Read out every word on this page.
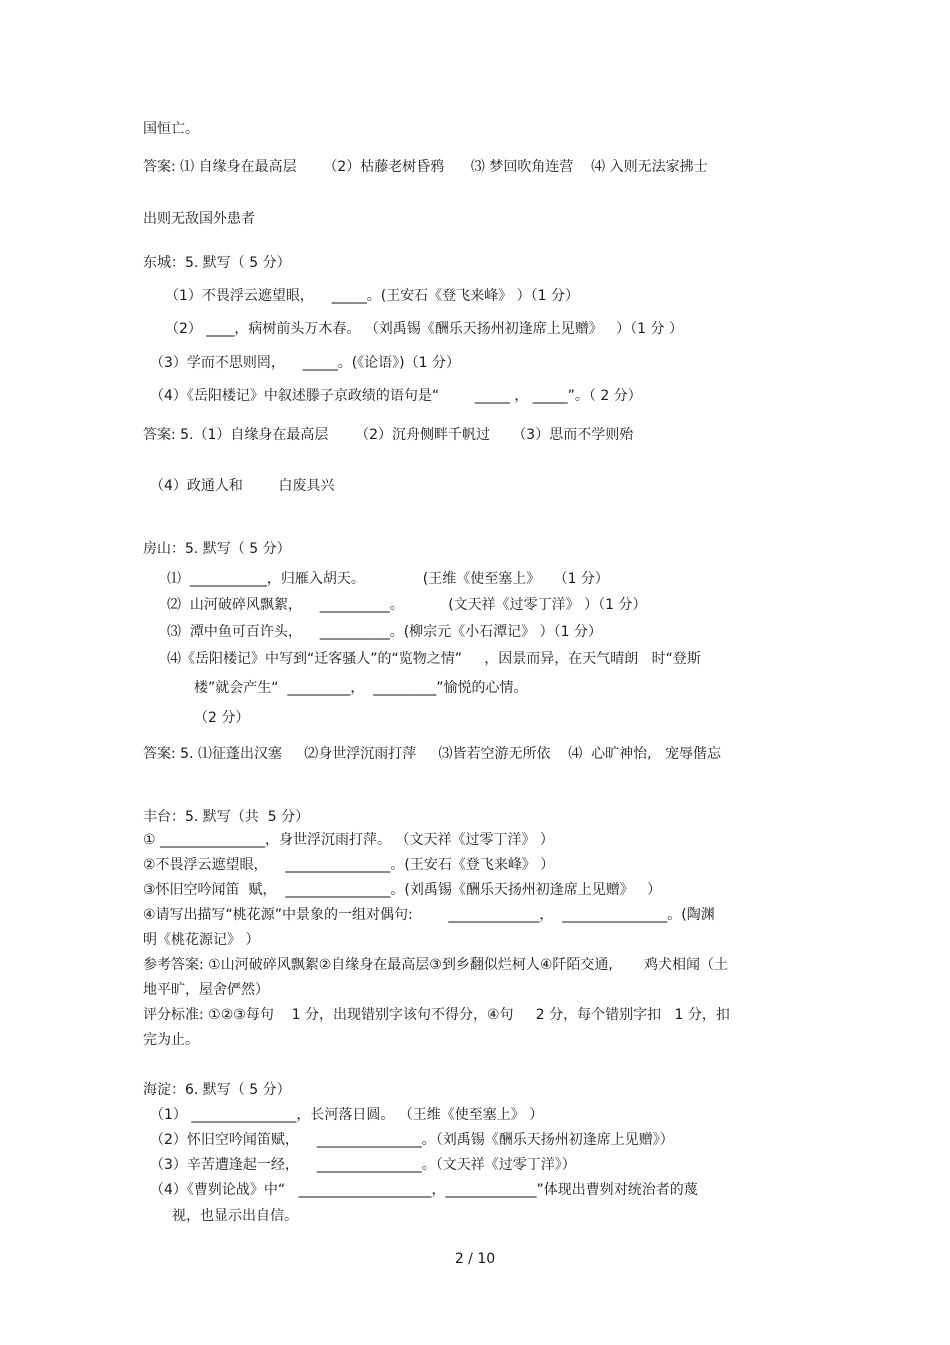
国恒亡。
答案: ⑴ 自缘身在最高层      （2）枯藤老树昏鸦      ⑶ 梦回吹角连营    ⑷ 入则无法家拂士
出则无敌国外患者
东城：5. 默写（ 5 分）
（1）不畏浮云遮望眼，    _____。(王安石《登飞来峰》 ）（1 分）
（2） ____，病树前头万木春。 （刘禹锡《酬乐天扬州初逢席上见赠》   ）（1 分 ）
（3）学而不思则罔，    _____。(《论语》)（1 分）
（4）《岳阳楼记》中叙述滕子京政绩的语句是“        _____ ， _____”。（ 2 分）
答案: 5.（1）自缘身在最高层      （2）沉舟侧畔千帆过     （3）思而不学则殆
（4）政通人和        白废具兴
房山：5. 默写（ 5 分）
⑴  ___________，归雁入胡天。             (王维《使至塞上》   （1 分）
⑵  山河破碎风飘絮，    __________。          (文天祥《过零丁洋》 ）（1 分）
⑶  潭中鱼可百许头，    __________。(柳宗元《小石潭记》 ）（1 分）
⑷《岳阳楼记》中写到“迁客骚人”的“览物之情”     ，因景而异，在天气晴朗   时“登斯
楼”就会产生“  _________，  _________”愉悦的心情。
（2 分）
答案: 5. ⑴征蓬出汉塞     ⑵身世浮沉雨打萍     ⑶皆若空游无所依    ⑷  心旷神怡,   宠辱偕忘
丰台：5. 默写（共  5 分）
① _______________，身世浮沉雨打萍。 （文天祥《过零丁洋》 ）
②不畏浮云遮望眼，    _______________。(王安石《登飞来峰》 ）
③怀旧空吟闻笛  赋，  _______________。(刘禹锡《酬乐天扬州初逢席上见赠》   ）
④请写出描写“桃花源”中景象的一组对偶句:        _____________，  _______________。(陶渊
明《桃花源记》 ）
参考答案: ①山河破碎风飘絮②自缘身在最高层③到乡翻似烂柯人④阡陌交通,       鸡犬相闻（土
地平旷，屋舍俨然）
评分标准: ①②③每句    1 分，出现错别字该句不得分，④句     2 分，每个错别字扣   1 分，扣
完为止。
海淀：6. 默写（ 5 分）
（1） _______________，长河落日圆。 （王维《使至塞上》 ）
（2）怀旧空吟闻笛赋，    _______________。（刘禹锡《酬乐天扬州初逢席上见赠》）
（3）辛苦遭逢起一经，    _______________。（文天祥《过零丁洋》）
（4）《曹刿论战》中“   ___________________，_____________”体现出曹刿对统治者的蔑
视，也显示出自信。
2 / 10
